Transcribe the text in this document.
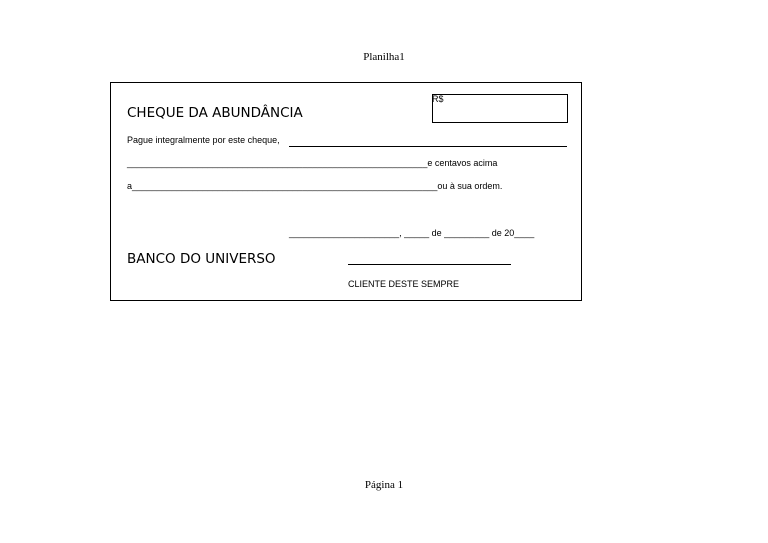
Planilha1
CHEQUE DA ABUNDÂNCIA
R$
Pague integralmente por este cheque,
____________________________________________________________e centavos acima
a_____________________________________________________________ou à sua ordem.
______________________, _____ de _________ de 20____
BANCO DO UNIVERSO
CLIENTE DESTE SEMPRE
Página 1
